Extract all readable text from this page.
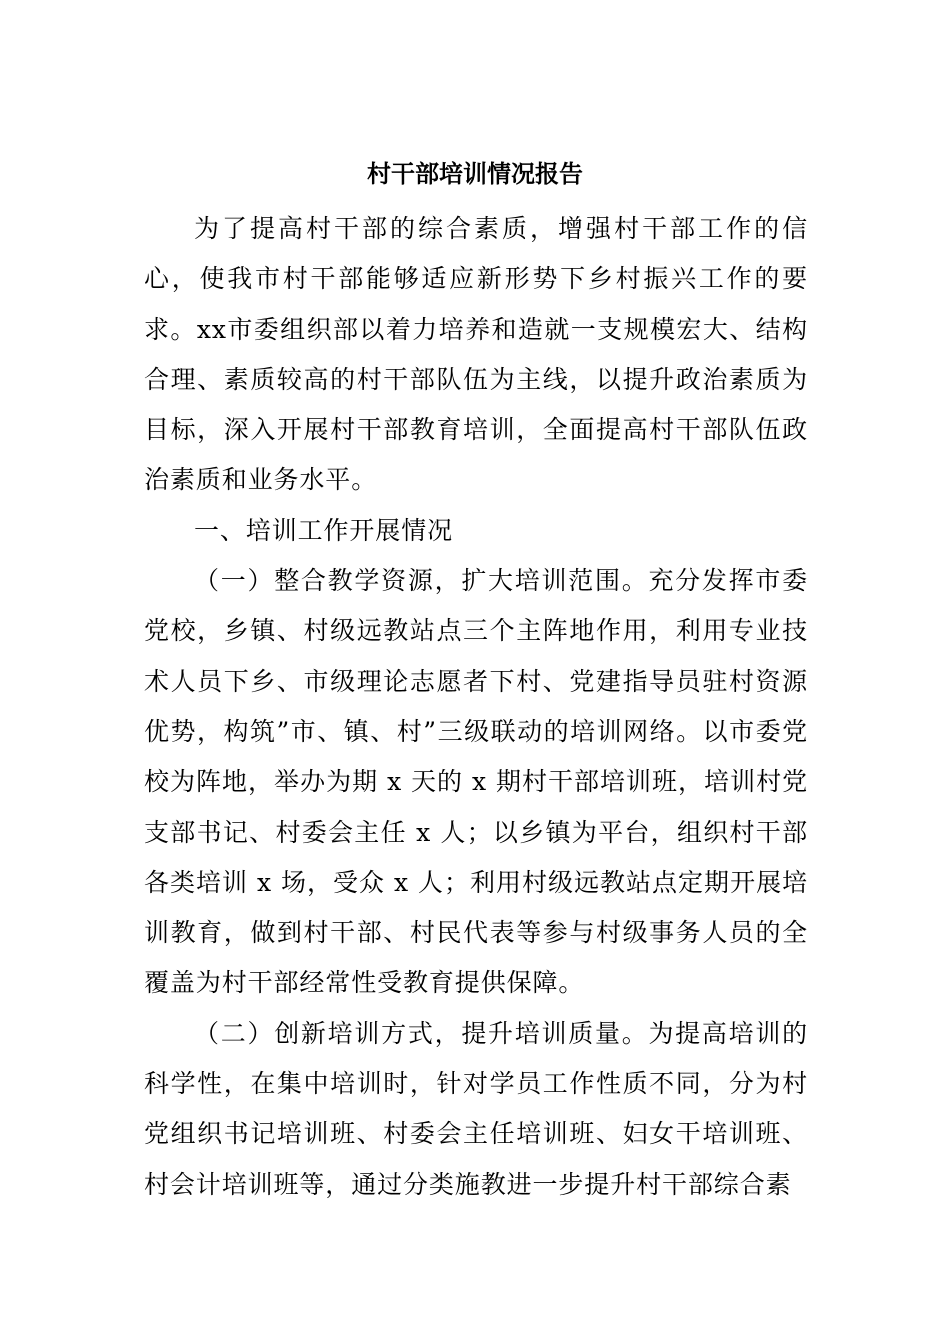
村干部培训情况报告

为了提高村干部的综合素质，增强村干部工作的信心，使我市村干部能够适应新形势下乡村振兴工作的要求。xx市委组织部以着力培养和造就一支规模宏大、结构合理、素质较高的村干部队伍为主线，以提升政治素质为目标，深入开展村干部教育培训，全面提高村干部队伍政治素质和业务水平。

一、培训工作开展情况

（一）整合教学资源，扩大培训范围。充分发挥市委党校，乡镇、村级远教站点三个主阵地作用，利用专业技术人员下乡、市级理论志愿者下村、党建指导员驻村资源优势，构筑”市、镇、村”三级联动的培训网络。以市委党校为阵地，举办为期 x 天的 x 期村干部培训班，培训村党支部书记、村委会主任 x 人；以乡镇为平台，组织村干部各类培训 x 场，受众 x 人；利用村级远教站点定期开展培训教育，做到村干部、村民代表等参与村级事务人员的全覆盖为村干部经常性受教育提供保障。

（二）创新培训方式，提升培训质量。为提高培训的科学性，在集中培训时，针对学员工作性质不同，分为村党组织书记培训班、村委会主任培训班、妇女干培训班、村会计培训班等，通过分类施教进一步提升村干部综合素
